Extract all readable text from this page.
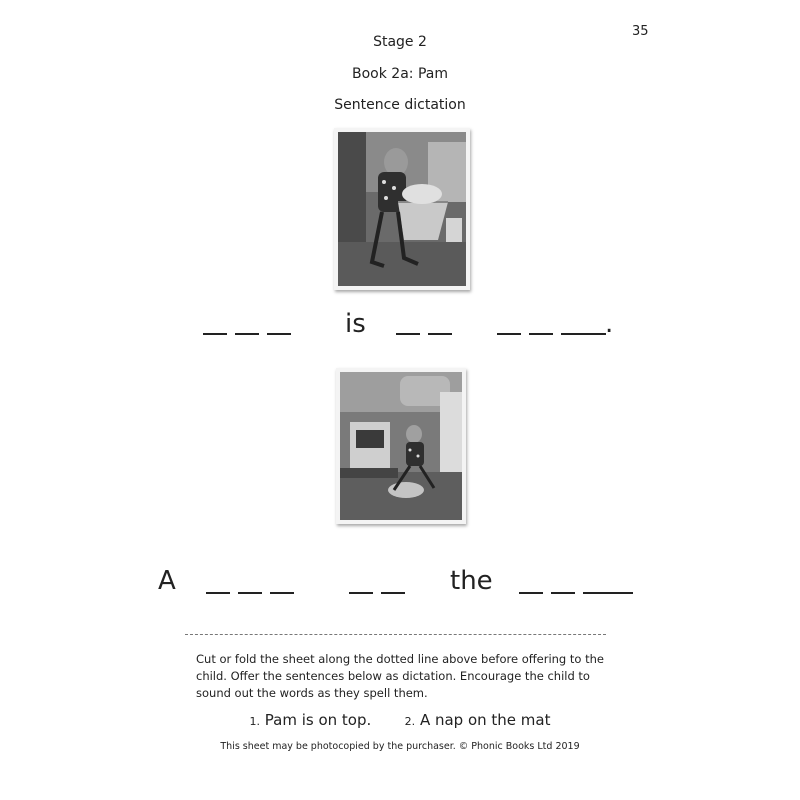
35
Stage 2
Book 2a: Pam
Sentence dictation
is	.
A	the
Cut or fold the sheet along the dotted line above before offering to the child. Offer the sentences below as dictation. Encourage the child to sound out the words as they spell them.
1. Pam is on top.	2. A nap on the mat
This sheet may be photocopied by the purchaser. © Phonic Books Ltd 2019
